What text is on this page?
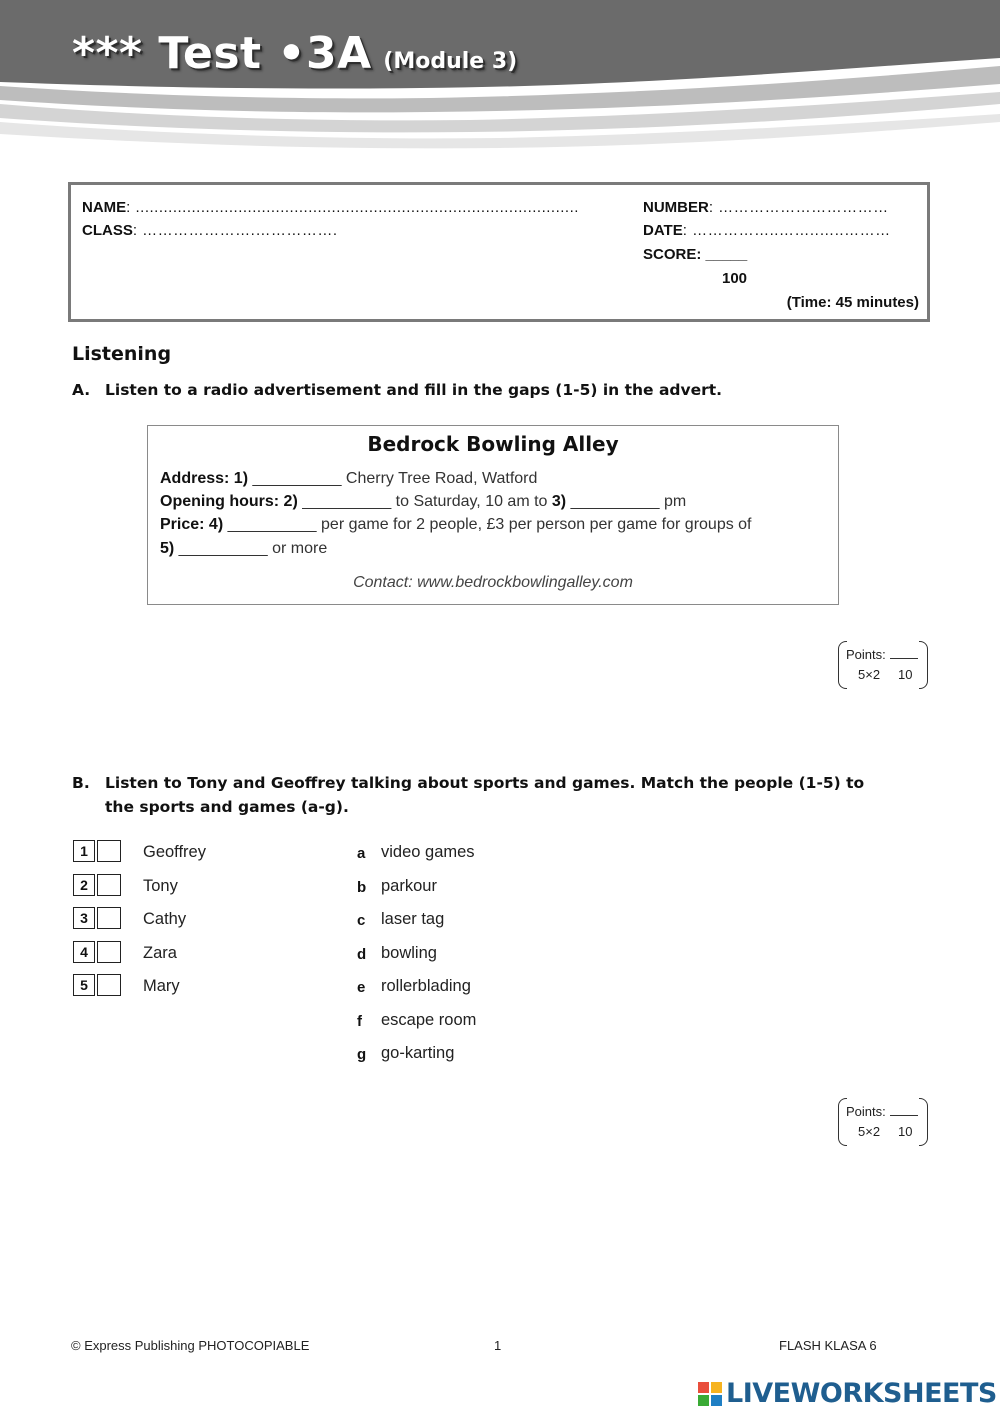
*** Test •3A (Module 3)
NAME: ...............................................................................................
CLASS: ………………….…………….
NUMBER: ……………………………
DATE: ……………..……..…..………
SCORE: _____
100
(Time: 45 minutes)
Listening
A. Listen to a radio advertisement and fill in the gaps (1-5) in the advert.
Bedrock Bowling Alley
Address: 1) __________ Cherry Tree Road, Watford
Opening hours: 2) __________ to Saturday, 10 am to 3) __________ pm
Price: 4) __________ per game for 2 people, £3 per person per game for groups of
5) __________ or more
Contact: www.bedrockbowlingalley.com
Points:
5×2 10
B. Listen to Tony and Geoffrey talking about sports and games. Match the people (1-5) to
the sports and games (a-g).
1	Geoffrey
2	Tony
3	Cathy
4	Zara
5	Mary
a video games
b parkour
c laser tag
d bowling
e rollerblading
f escape room
g go-karting
Points:
5×2 10
© Express Publishing PHOTOCOPIABLE	1	FLASH KLASA 6
LIVEWORKSHEETS
